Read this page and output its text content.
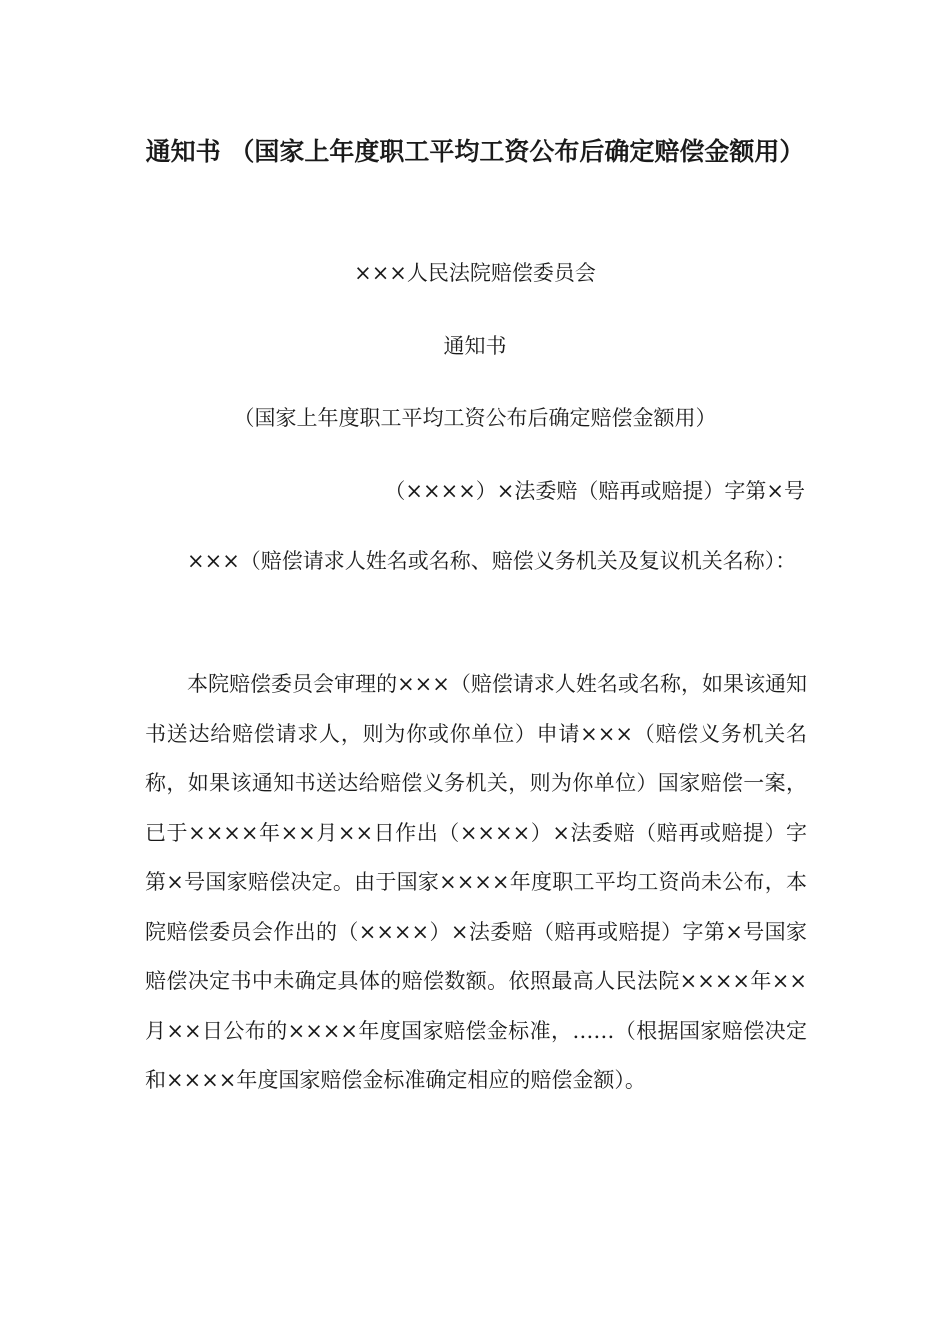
通知书 （国家上年度职工平均工资公布后确定赔偿金额用）

×××人民法院赔偿委员会

通知书

（国家上年度职工平均工资公布后确定赔偿金额用）

（××××）×法委赔（赔再或赔提）字第×号

×××（赔偿请求人姓名或名称、赔偿义务机关及复议机关名称）：

本院赔偿委员会审理的×××（赔偿请求人姓名或名称，如果该通知书送达给赔偿请求人，则为你或你单位）申请×××（赔偿义务机关名称，如果该通知书送达给赔偿义务机关，则为你单位）国家赔偿一案，已于××××年××月××日作出（××××）×法委赔（赔再或赔提）字第×号国家赔偿决定。由于国家××××年度职工平均工资尚未公布，本院赔偿委员会作出的（××××）×法委赔（赔再或赔提）字第×号国家赔偿决定书中未确定具体的赔偿数额。依照最高人民法院××××年××月××日公布的××××年度国家赔偿金标准，……（根据国家赔偿决定和××××年度国家赔偿金标准确定相应的赔偿金额）。
